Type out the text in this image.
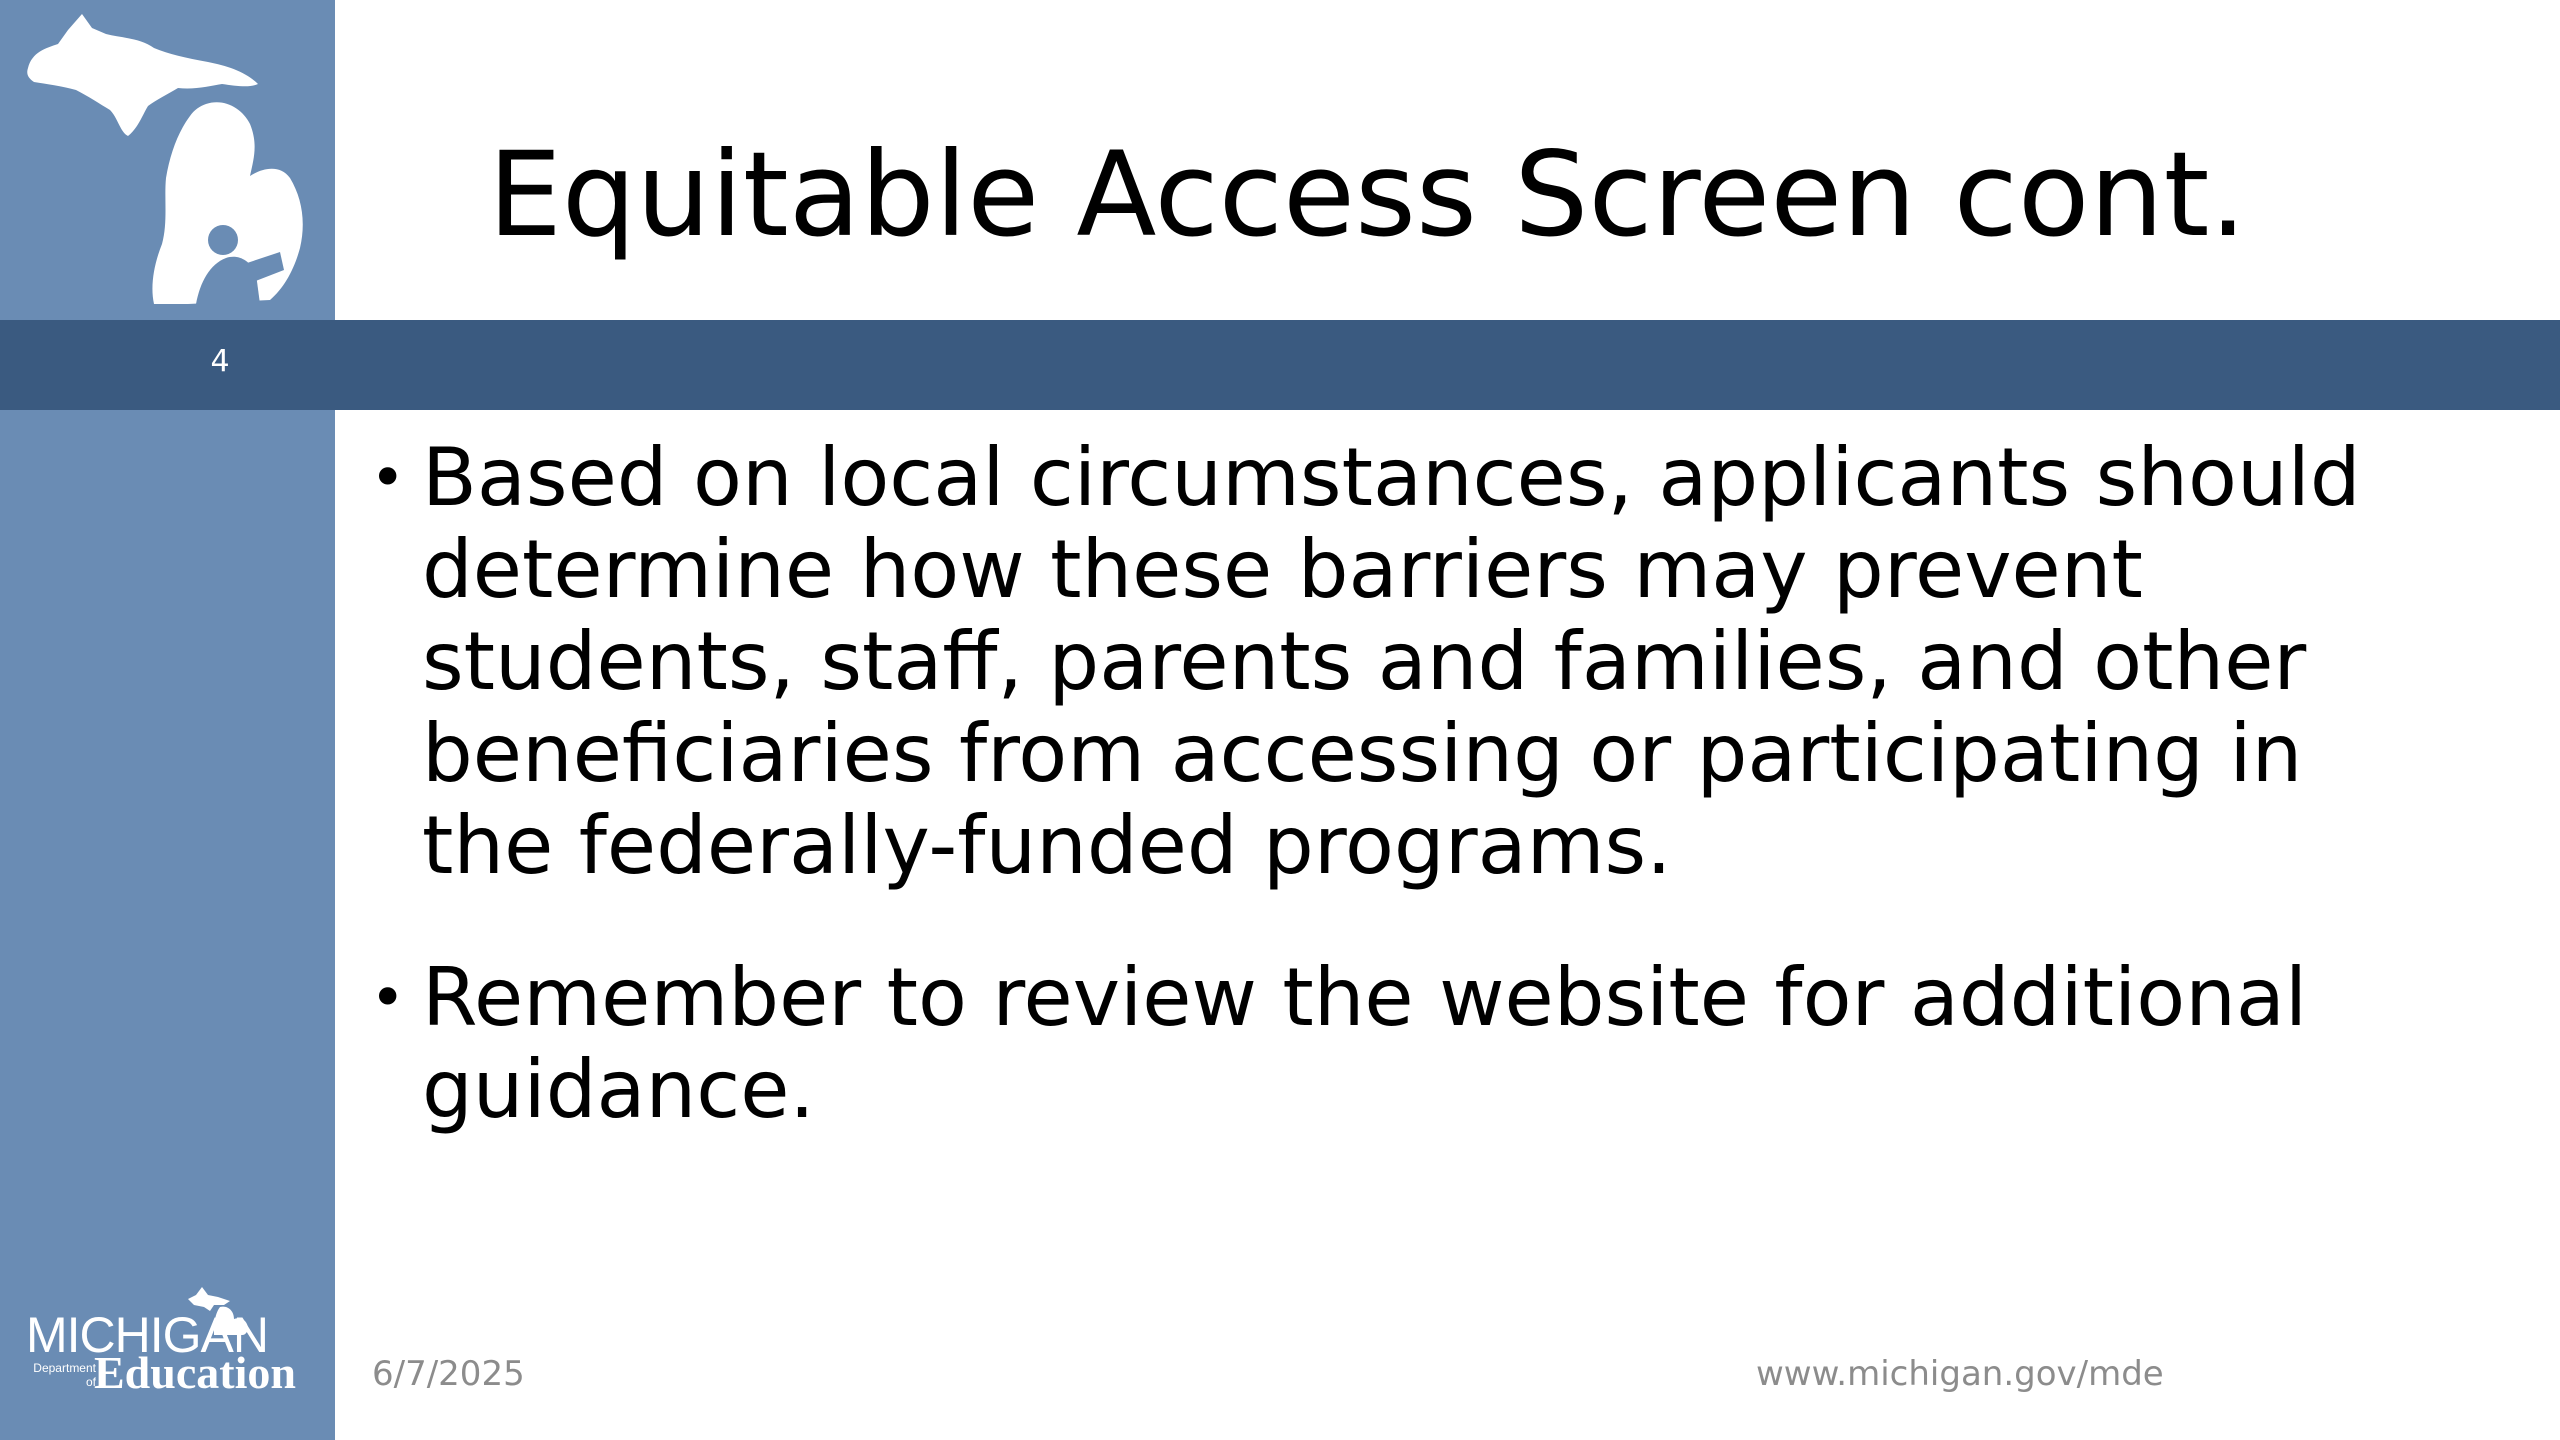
MICHIGAN
Department of
Education
4
Equitable Access Screen cont.
• Based on local circumstances, applicants should determine how these barriers may prevent students, staff, parents and families, and other beneficiaries from accessing or participating in the federally-funded programs.
• Remember to review the website for additional guidance.
6/7/2025	www.michigan.gov/mde
